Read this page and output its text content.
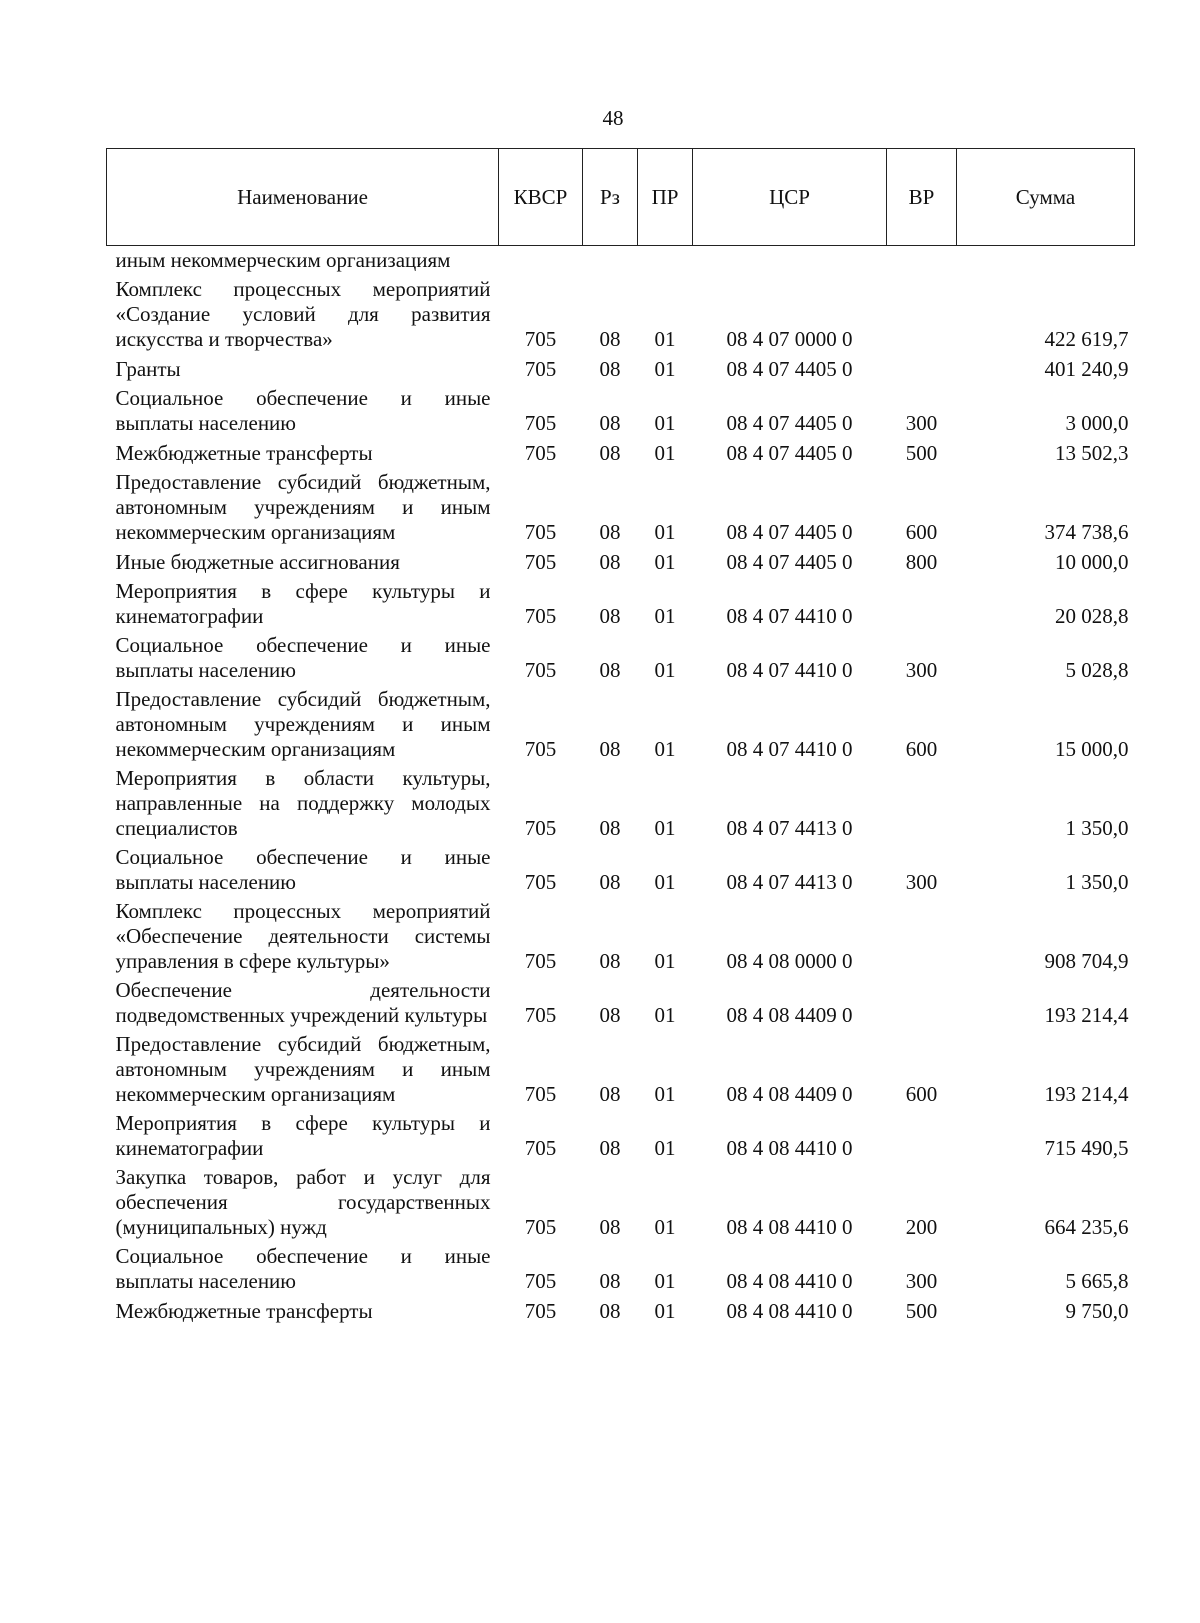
48
Наименование	КВСР	Рз	ПР	ЦСР	ВР	Сумма
иным некоммерческим организациям						
Комплекс процессных мероприятий «Создание условий для развития искусства и творчества»	705	08	01	08 4 07 0000 0		422 619,7
Гранты	705	08	01	08 4 07 4405 0		401 240,9
Социальное обеспечение и иные выплаты населению	705	08	01	08 4 07 4405 0	300	3 000,0
Межбюджетные трансферты	705	08	01	08 4 07 4405 0	500	13 502,3
Предоставление субсидий бюджетным, автономным учреждениям и иным некоммерческим организациям	705	08	01	08 4 07 4405 0	600	374 738,6
Иные бюджетные ассигнования	705	08	01	08 4 07 4405 0	800	10 000,0
Мероприятия в сфере культуры и кинематографии	705	08	01	08 4 07 4410 0		20 028,8
Социальное обеспечение и иные выплаты населению	705	08	01	08 4 07 4410 0	300	5 028,8
Предоставление субсидий бюджетным, автономным учреждениям и иным некоммерческим организациям	705	08	01	08 4 07 4410 0	600	15 000,0
Мероприятия в области культуры, направленные на поддержку молодых специалистов	705	08	01	08 4 07 4413 0		1 350,0
Социальное обеспечение и иные выплаты населению	705	08	01	08 4 07 4413 0	300	1 350,0
Комплекс процессных мероприятий «Обеспечение деятельности системы управления в сфере культуры»	705	08	01	08 4 08 0000 0		908 704,9
Обеспечение деятельности подведомственных учреждений культуры	705	08	01	08 4 08 4409 0		193 214,4
Предоставление субсидий бюджетным, автономным учреждениям и иным некоммерческим организациям	705	08	01	08 4 08 4409 0	600	193 214,4
Мероприятия в сфере культуры и кинематографии	705	08	01	08 4 08 4410 0		715 490,5
Закупка товаров, работ и услуг для обеспечения государственных (муниципальных) нужд	705	08	01	08 4 08 4410 0	200	664 235,6
Социальное обеспечение и иные выплаты населению	705	08	01	08 4 08 4410 0	300	5 665,8
Межбюджетные трансферты	705	08	01	08 4 08 4410 0	500	9 750,0
